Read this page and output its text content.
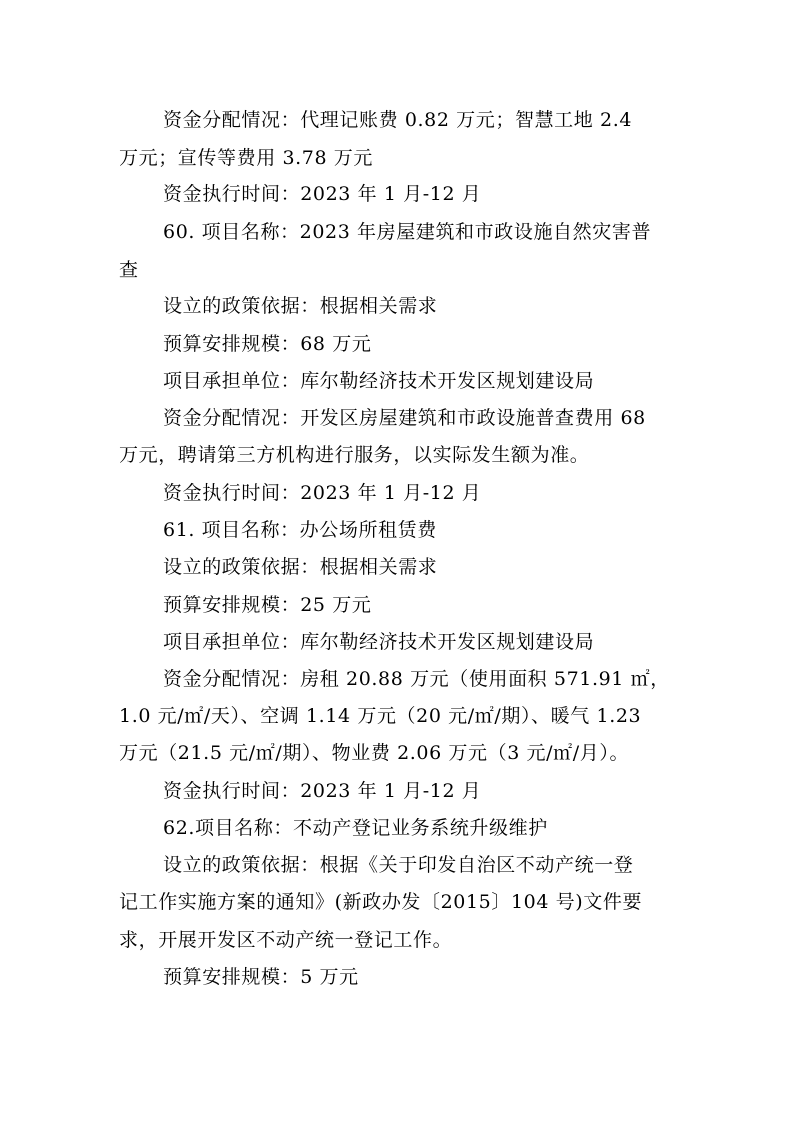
资金分配情况：代理记账费 0.82 万元；智慧工地 2.4
万元；宣传等费用 3.78 万元
资金执行时间：2023 年 1 月-12 月
60. 项目名称：2023 年房屋建筑和市政设施自然灾害普
查
设立的政策依据：根据相关需求
预算安排规模：68 万元
项目承担单位：库尔勒经济技术开发区规划建设局
资金分配情况：开发区房屋建筑和市政设施普查费用 68
万元，聘请第三方机构进行服务，以实际发生额为准。
资金执行时间：2023 年 1 月-12 月
61. 项目名称：办公场所租赁费
设立的政策依据：根据相关需求
预算安排规模：25 万元
项目承担单位：库尔勒经济技术开发区规划建设局
资金分配情况：房租 20.88 万元（使用面积 571.91 ㎡，
1.0 元/㎡/天）、空调 1.14 万元（20 元/㎡/期）、暖气 1.23
万元（21.5 元/㎡/期）、物业费 2.06 万元（3 元/㎡/月）。
资金执行时间：2023 年 1 月-12 月
62.项目名称：不动产登记业务系统升级维护
设立的政策依据：根据《关于印发自治区不动产统一登
记工作实施方案的通知》(新政办发〔2015〕104 号)文件要
求，开展开发区不动产统一登记工作。
预算安排规模：5 万元
